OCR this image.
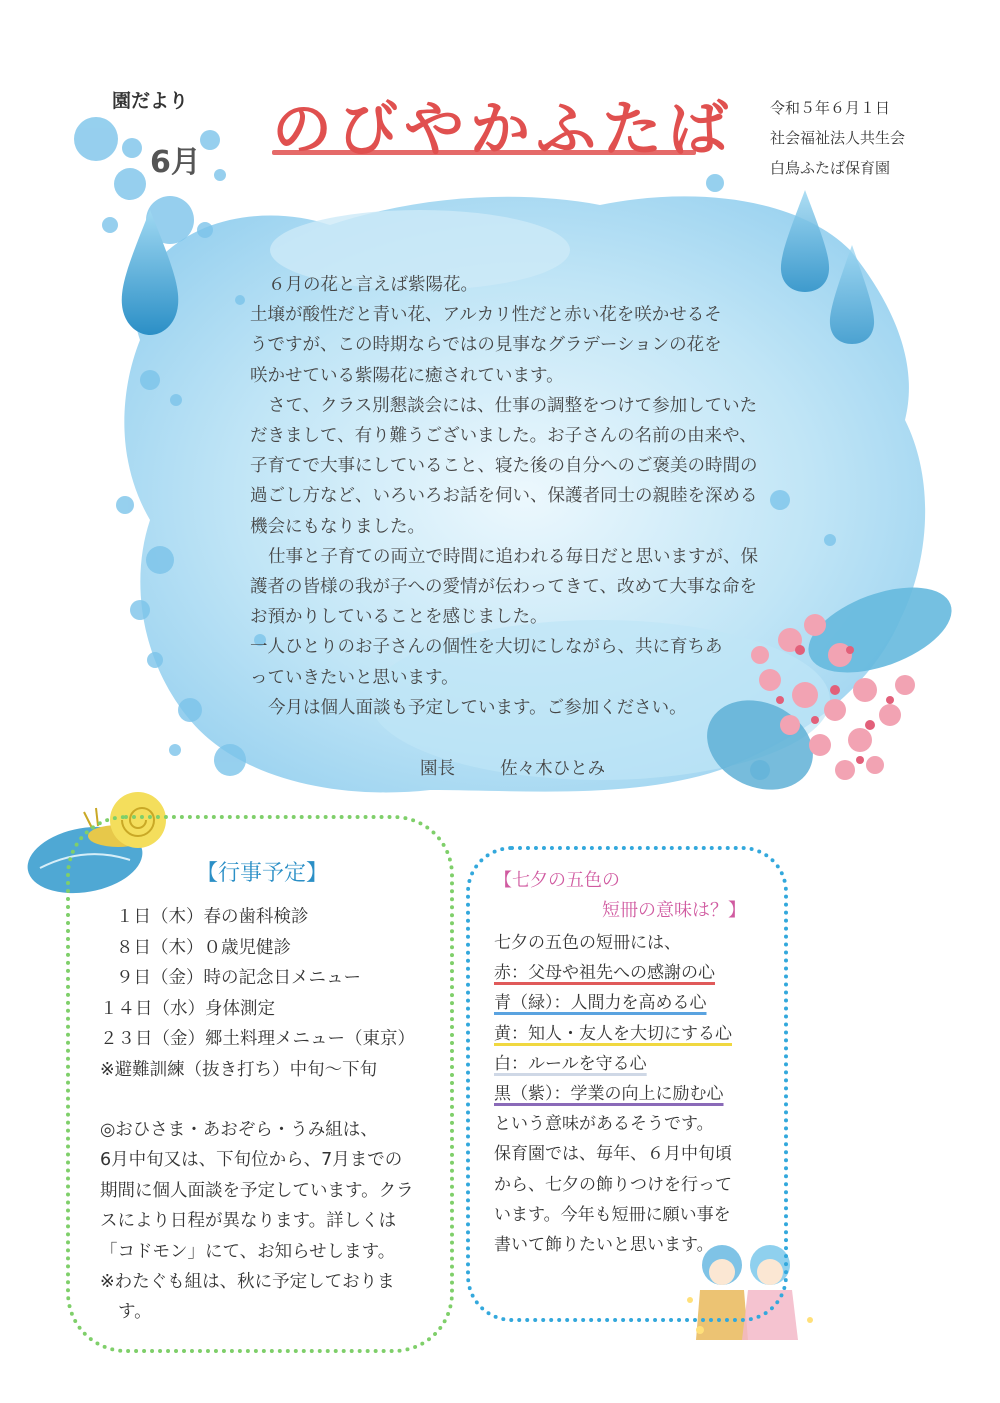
園だより
6月 のびやかふたば 令和５年６月１日
社会福祉法人共生会
白鳥ふたば保育園

６月の花と言えば紫陽花。

土壌が酸性だと青い花、アルカリ性だと赤い花を咲かせるそ

うですが、この時期ならではの見事なグラデーションの花を

咲かせている紫陽花に癒されています。

さて、クラス別懇談会には、仕事の調整をつけて参加していた

だきまして、有り難うございました。お子さんの名前の由来や、

子育てで大事にしていること、寝た後の自分へのご褒美の時間の

過ごし方など、いろいろお話を伺い、保護者同士の親睦を深める

機会にもなりました。

仕事と子育ての両立で時間に追われる毎日だと思いますが、保

護者の皆様の我が子への愛情が伝わってきて、改めて大事な命を

お預かりしていることを感じました。

一人ひとりのお子さんの個性を大切にしながら、共に育ちあ

っていきたいと思います。

今月は個人面談も予定しています。ご参加ください。

園長	佐々木ひとみ
【行事予定】
１日（木）春の歯科検診
８日（木）０歳児健診
９日（金）時の記念日メニュー
１４日（水）身体測定
２３日（金）郷土料理メニュー（東京）
※避難訓練（抜き打ち）中旬～下旬
◎おひさま・あおぞら・うみ組は、
6月中旬又は、下旬位から、7月までの
期間に個人面談を予定しています。クラ
スにより日程が異なります。詳しくは
「コドモン」にて、お知らせします。
※わたぐも組は、秋に予定しておりま
す。
【七夕の五色の
短冊の意味は？】
七夕の五色の短冊には、
赤：父母や祖先への感謝の心
青（緑）：人間力を高める心
黄：知人・友人を大切にする心
白：ルールを守る心
黒（紫）：学業の向上に励む心
という意味があるそうです。
保育園では、毎年、６月中旬頃
から、七夕の飾りつけを行って
います。今年も短冊に願い事を
書いて飾りたいと思います。
